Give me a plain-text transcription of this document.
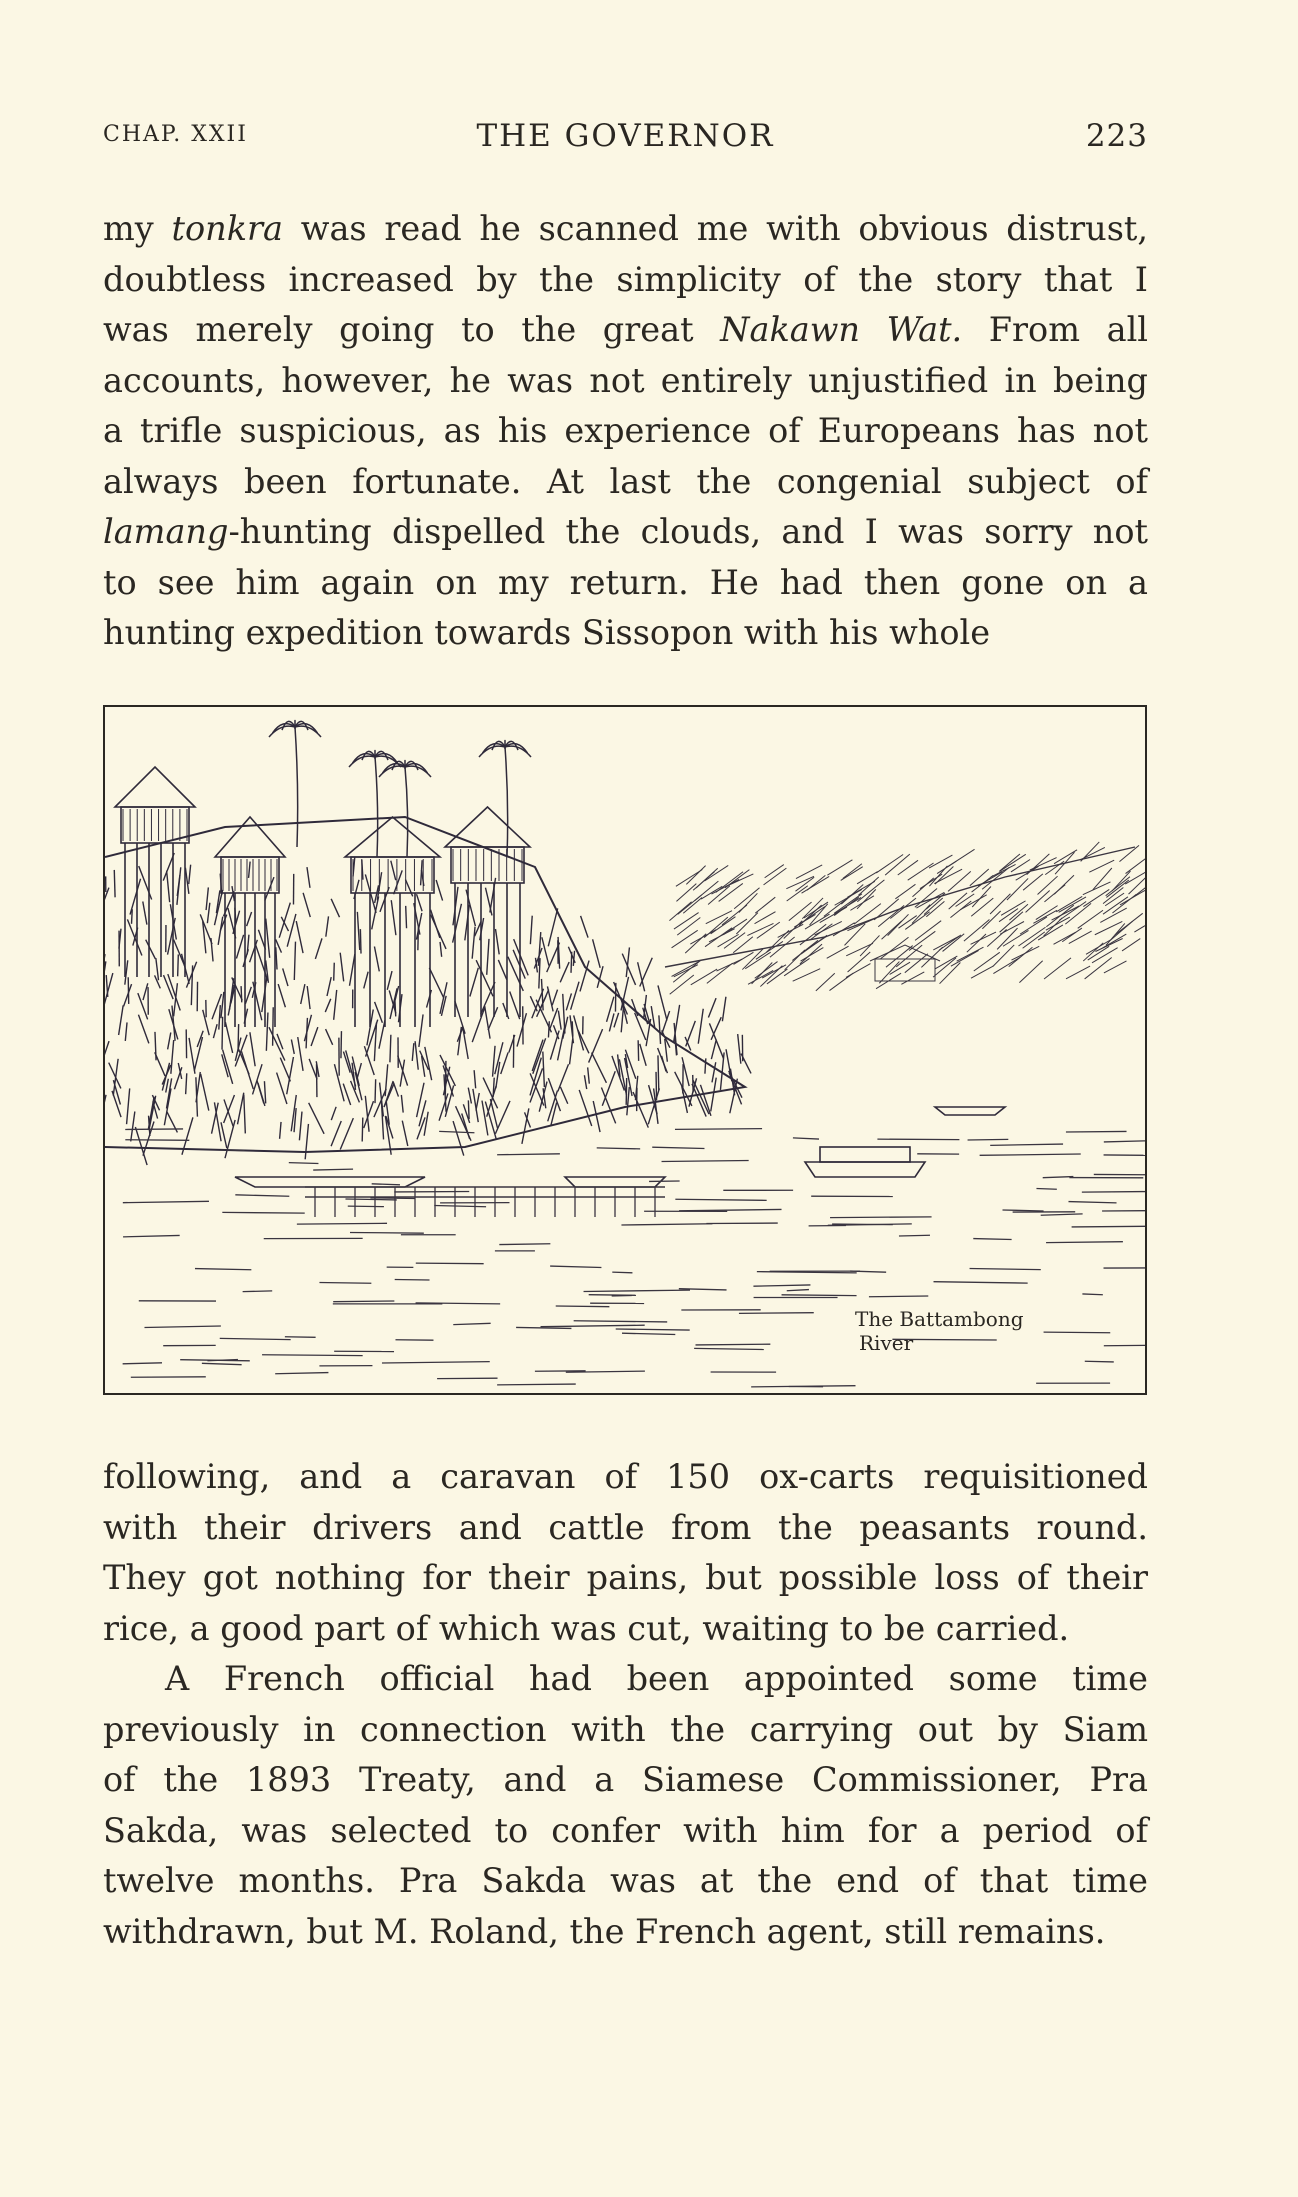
CHAP. XXII	THE GOVERNOR	223
my tonkra was read he scanned me with obvious distrust,
doubtless increased by the simplicity of the story that I
was merely going to the great Nakawn Wat. From all
accounts, however, he was not entirely unjustified in being
a trifle suspicious, as his experience of Europeans has not
always been fortunate. At last the congenial subject of
lamang-hunting dispelled the clouds, and I was sorry not
to see him again on my return. He had then gone on a
hunting expedition towards Sissopon with his whole
The Battambong
River
following, and a caravan of 150 ox-carts requisitioned
with their drivers and cattle from the peasants round.
They got nothing for their pains, but possible loss of their
rice, a good part of which was cut, waiting to be carried.
A French official had been appointed some time
previously in connection with the carrying out by Siam
of the 1893 Treaty, and a Siamese Commissioner, Pra
Sakda, was selected to confer with him for a period of
twelve months. Pra Sakda was at the end of that time
withdrawn, but M. Roland, the French agent, still remains.
